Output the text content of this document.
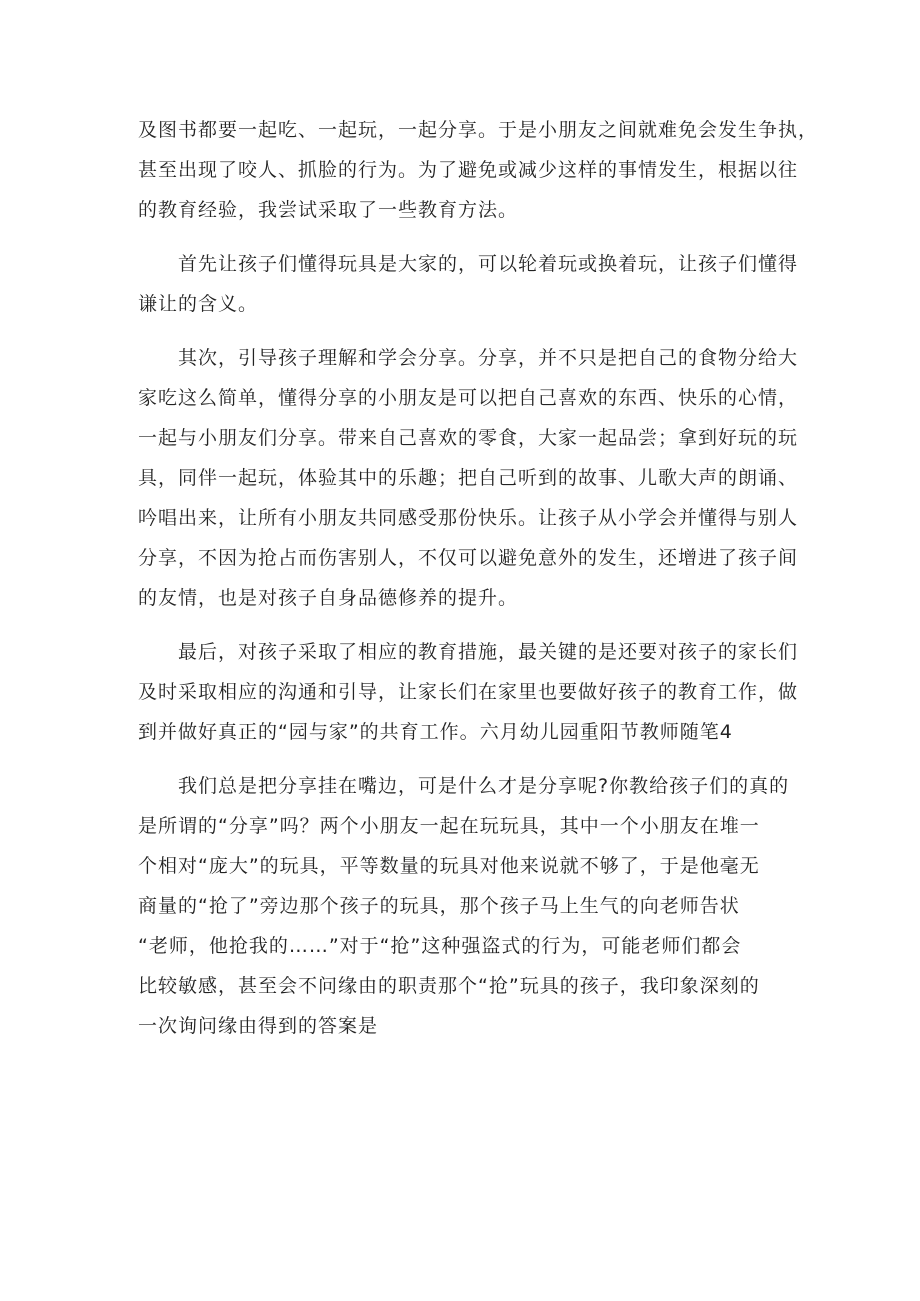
及图书都要一起吃、一起玩，一起分享。于是小朋友之间就难免会发生争执，
甚至出现了咬人、抓脸的行为。为了避免或减少这样的事情发生，根据以往
的教育经验，我尝试采取了一些教育方法。
首先让孩子们懂得玩具是大家的，可以轮着玩或换着玩，让孩子们懂得
谦让的含义。
其次，引导孩子理解和学会分享。分享，并不只是把自己的食物分给大
家吃这么简单，懂得分享的小朋友是可以把自己喜欢的东西、快乐的心情，
一起与小朋友们分享。带来自己喜欢的零食，大家一起品尝；拿到好玩的玩
具，同伴一起玩，体验其中的乐趣；把自己听到的故事、儿歌大声的朗诵、
吟唱出来，让所有小朋友共同感受那份快乐。让孩子从小学会并懂得与别人
分享，不因为抢占而伤害别人，不仅可以避免意外的发生，还增进了孩子间
的友情，也是对孩子自身品德修养的提升。
最后，对孩子采取了相应的教育措施，最关键的是还要对孩子的家长们
及时采取相应的沟通和引导，让家长们在家里也要做好孩子的教育工作，做
到并做好真正的“园与家”的共育工作。六月幼儿园重阳节教师随笔4
我们总是把分享挂在嘴边，可是什么才是分享呢?你教给孩子们的真的
是所谓的“分享”吗？两个小朋友一起在玩玩具，其中一个小朋友在堆一
个相对“庞大”的玩具，平等数量的玩具对他来说就不够了，于是他毫无
商量的“抢了”旁边那个孩子的玩具，那个孩子马上生气的向老师告状
“老师，他抢我的……”对于“抢”这种强盗式的行为，可能老师们都会
比较敏感，甚至会不问缘由的职责那个“抢”玩具的孩子，我印象深刻的
一次询问缘由得到的答案是
